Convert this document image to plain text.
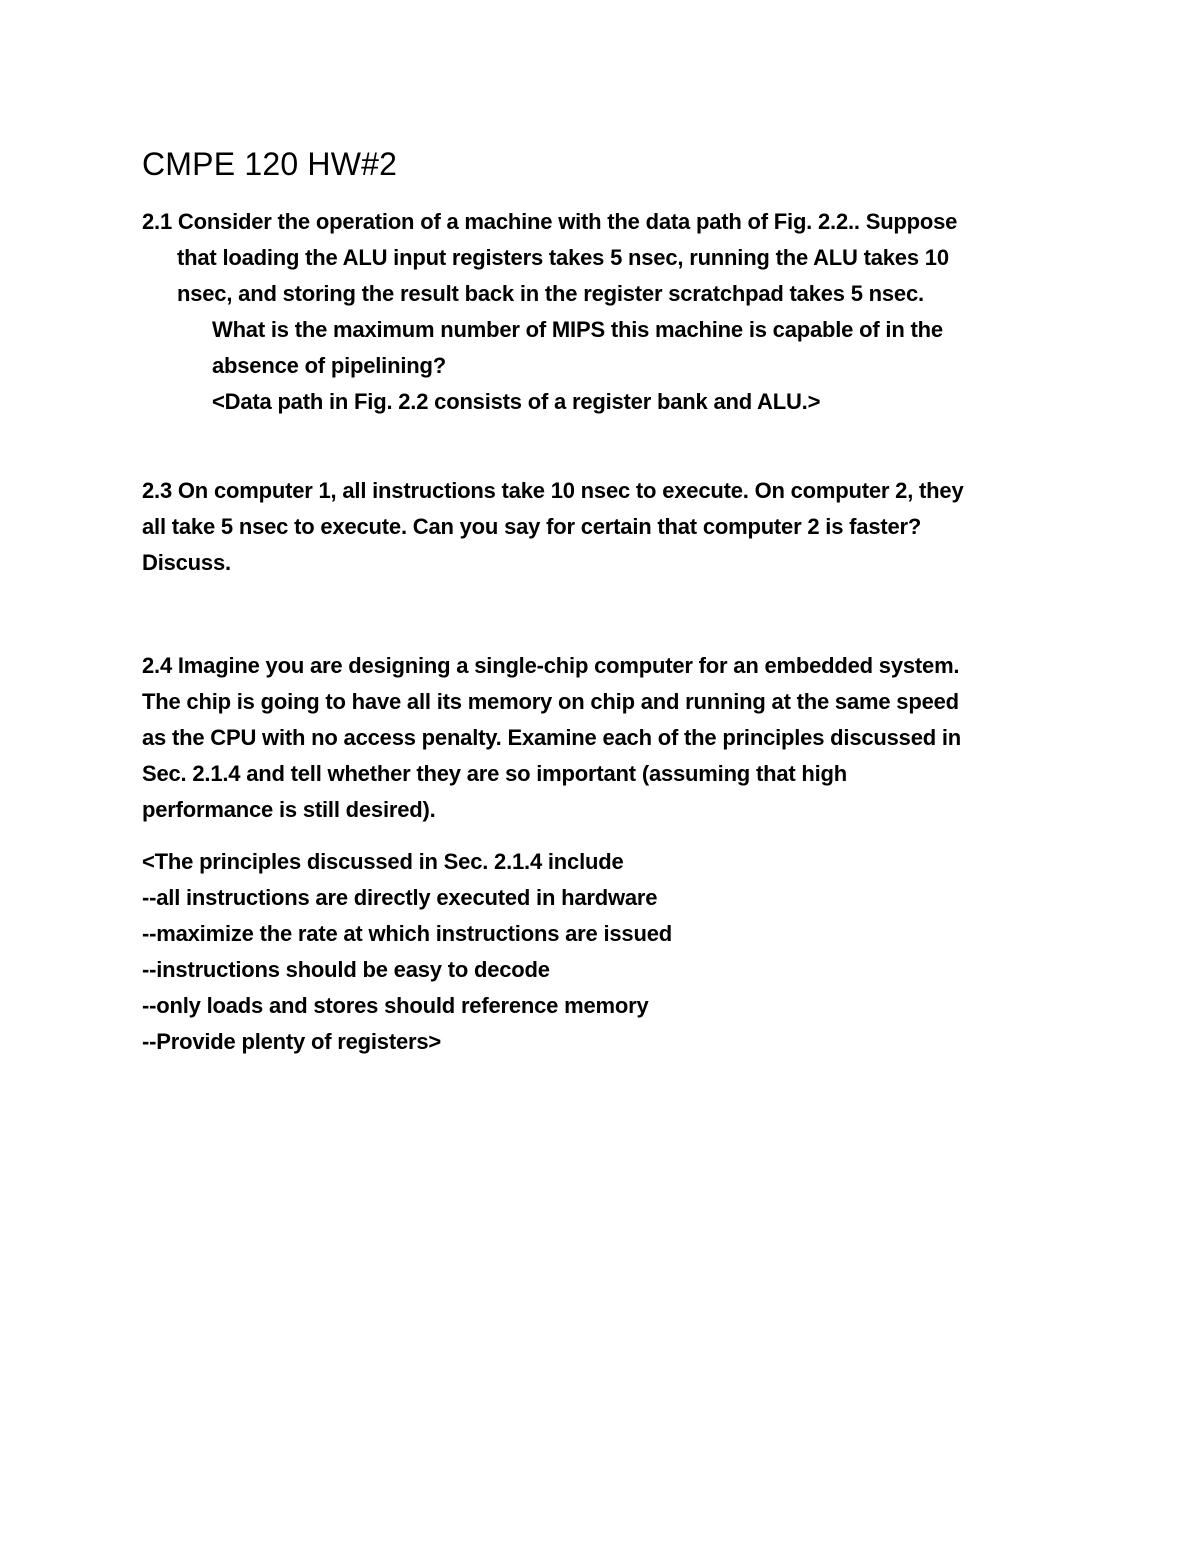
CMPE 120 HW#2
2.1 Consider the operation of a machine with the data path of Fig. 2.2.. Suppose
that loading the ALU input registers takes 5 nsec, running the ALU takes 10
nsec, and storing the result back in the register scratchpad takes 5 nsec.
What is the maximum number of MIPS this machine is capable of in the
absence of pipelining?
<Data path in Fig. 2.2 consists of a register bank and ALU.>
2.3 On computer 1, all instructions take 10 nsec to execute. On computer 2, they
all take 5 nsec to execute. Can you say for certain that computer 2 is faster?
Discuss.
2.4 Imagine you are designing a single-chip computer for an embedded system.
The chip is going to have all its memory on chip and running at the same speed
as the CPU with no access penalty. Examine each of the principles discussed in
Sec. 2.1.4 and tell whether they are so important (assuming that high
performance is still desired).
<The principles discussed in Sec. 2.1.4 include
--all instructions are directly executed in hardware
--maximize the rate at which instructions are issued
--instructions should be easy to decode
--only loads and stores should reference memory
--Provide plenty of registers>
